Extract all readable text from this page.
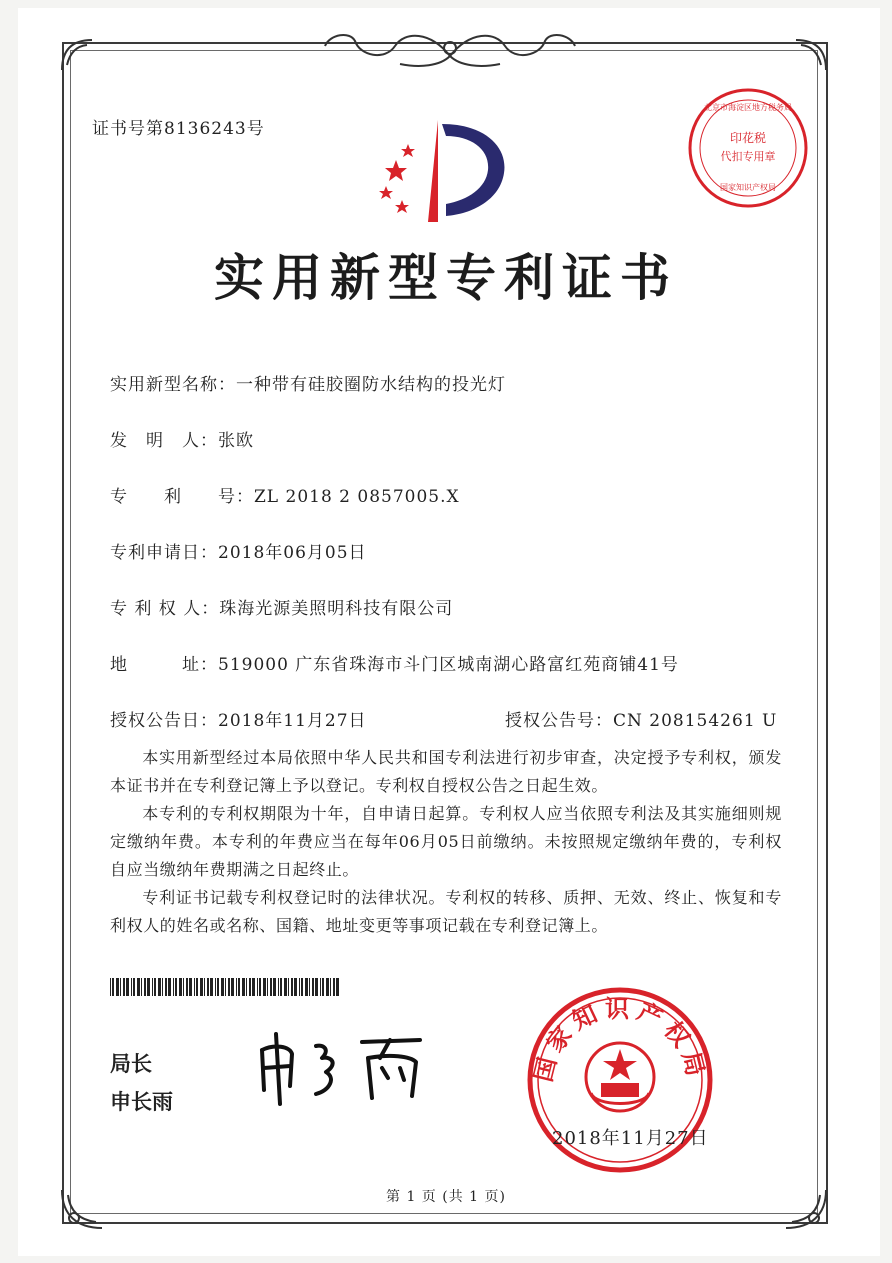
证书号第8136243号	印花税
代扣专用章
北京市海淀区地方税务局
国家知识产权局
实用新型专利证书
实用新型名称：一种带有硅胶圈防水结构的投光灯
发　明　人：张欧
专　　利　　号：ZL 2018 2 0857005.X
专利申请日：2018年06月05日
专 利 权 人：珠海光源美照明科技有限公司
地　　　址：519000 广东省珠海市斗门区城南湖心路富红苑商铺41号
授权公告日：2018年11月27日	授权公告号：CN 208154261 U
本实用新型经过本局依照中华人民共和国专利法进行初步审查，决定授予专利权，颁发本证书并在专利登记簿上予以登记。专利权自授权公告之日起生效。
本专利的专利权期限为十年，自申请日起算。专利权人应当依照专利法及其实施细则规定缴纳年费。本专利的年费应当在每年06月05日前缴纳。未按照规定缴纳年费的，专利权自应当缴纳年费期满之日起终止。
专利证书记载专利权登记时的法律状况。专利权的转移、质押、无效、终止、恢复和专利权人的姓名或名称、国籍、地址变更等事项记载在专利登记簿上。
局长
申长雨
国家知识产权局
2018年11月27日
第 1 页 (共 1 页)
